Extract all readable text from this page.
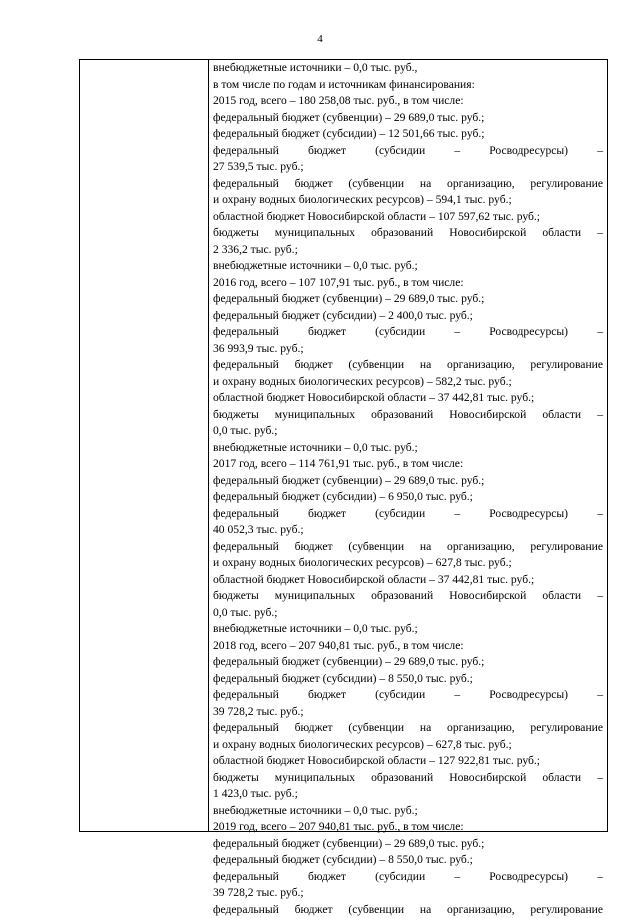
4
внебюджетные источники – 0,0 тыс. руб.,
в том числе по годам и источникам финансирования:
2015 год, всего – 180 258,08 тыс. руб., в том числе:
федеральный бюджет (субвенции) – 29 689,0 тыс. руб.;
федеральный бюджет (субсидии) – 12 501,66 тыс. руб.;
федеральный бюджет (субсидии – Росводресурсы) –
27 539,5 тыс. руб.;
федеральный бюджет (субвенции на организацию, регулирование
и охрану водных биологических ресурсов) – 594,1 тыс. руб.;
областной бюджет Новосибирской области – 107 597,62 тыс. руб.;
бюджеты муниципальных образований Новосибирской области –
2 336,2 тыс. руб.;
внебюджетные источники – 0,0 тыс. руб.;
2016 год, всего – 107 107,91 тыс. руб., в том числе:
федеральный бюджет (субвенции) – 29 689,0 тыс. руб.;
федеральный бюджет (субсидии) – 2 400,0 тыс. руб.;
федеральный бюджет (субсидии – Росводресурсы) –
36 993,9 тыс. руб.;
федеральный бюджет (субвенции на организацию, регулирование
и охрану водных биологических ресурсов) – 582,2 тыс. руб.;
областной бюджет Новосибирской области – 37 442,81 тыс. руб.;
бюджеты муниципальных образований Новосибирской области –
0,0 тыс. руб.;
внебюджетные источники – 0,0 тыс. руб.;
2017 год, всего – 114 761,91 тыс. руб., в том числе:
федеральный бюджет (субвенции) – 29 689,0 тыс. руб.;
федеральный бюджет (субсидии) – 6 950,0 тыс. руб.;
федеральный бюджет (субсидии – Росводресурсы) –
40 052,3 тыс. руб.;
федеральный бюджет (субвенции на организацию, регулирование
и охрану водных биологических ресурсов) – 627,8 тыс. руб.;
областной бюджет Новосибирской области – 37 442,81 тыс. руб.;
бюджеты муниципальных образований Новосибирской области –
0,0 тыс. руб.;
внебюджетные источники – 0,0 тыс. руб.;
2018 год, всего – 207 940,81 тыс. руб., в том числе:
федеральный бюджет (субвенции) – 29 689,0 тыс. руб.;
федеральный бюджет (субсидии) – 8 550,0 тыс. руб.;
федеральный бюджет (субсидии – Росводресурсы) –
39 728,2 тыс. руб.;
федеральный бюджет (субвенции на организацию, регулирование
и охрану водных биологических ресурсов) – 627,8 тыс. руб.;
областной бюджет Новосибирской области – 127 922,81 тыс. руб.;
бюджеты муниципальных образований Новосибирской области –
1 423,0 тыс. руб.;
внебюджетные источники – 0,0 тыс. руб.;
2019 год, всего – 207 940,81 тыс. руб., в том числе:
федеральный бюджет (субвенции) – 29 689,0 тыс. руб.;
федеральный бюджет (субсидии) – 8 550,0 тыс. руб.;
федеральный бюджет (субсидии – Росводресурсы) –
39 728,2 тыс. руб.;
федеральный бюджет (субвенции на организацию, регулирование
